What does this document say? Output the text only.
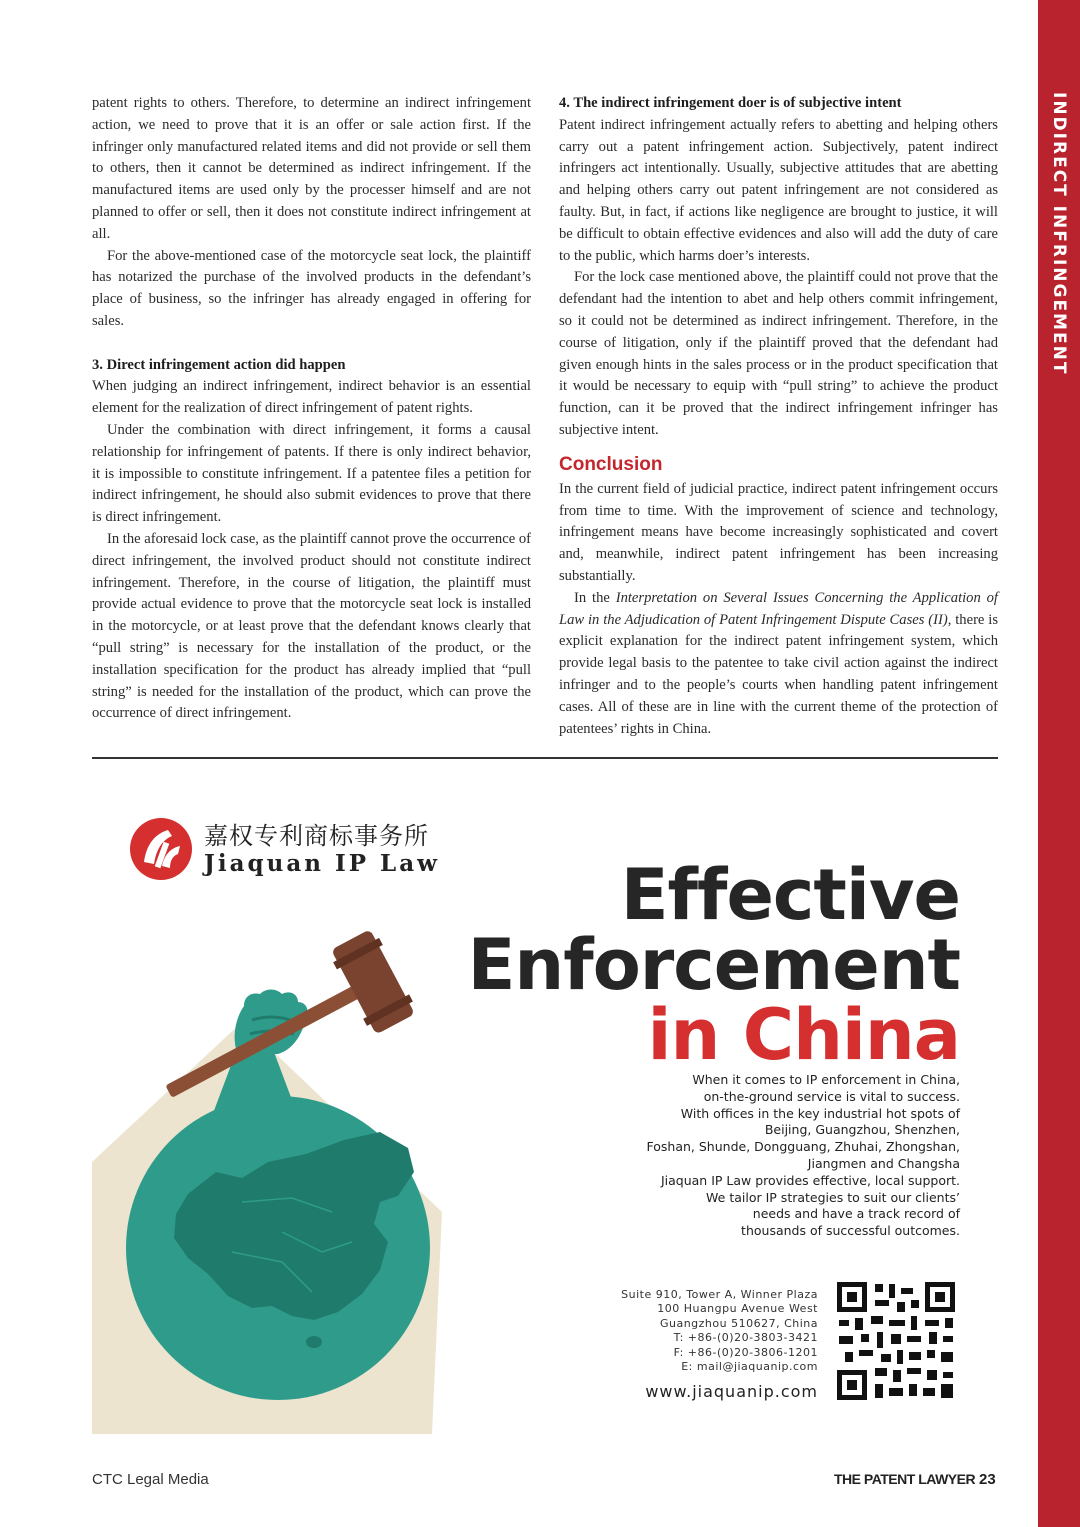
INDIRECT INFRINGEMENT

patent rights to others. Therefore, to determine an indirect infringement action, we need to prove that it is an offer or sale action first. If the infringer only manufactured related items and did not provide or sell them to others, then it cannot be determined as indirect infringement. If the manufactured items are used only by the processer himself and are not planned to offer or sell, then it does not constitute indirect infringement at all.

For the above-mentioned case of the motorcycle seat lock, the plaintiff has notarized the purchase of the involved products in the defendant’s place of business, so the infringer has already engaged in offering for sales.

3. Direct infringement action did happen

When judging an indirect infringement, indirect behavior is an essential element for the realization of direct infringement of patent rights.

Under the combination with direct infringement, it forms a causal relationship for infringement of patents. If there is only indirect behavior, it is impossible to constitute infringement. If a patentee files a petition for indirect infringement, he should also submit evidences to prove that there is direct infringement.

In the aforesaid lock case, as the plaintiff cannot prove the occurrence of direct infringement, the involved product should not constitute indirect infringement. Therefore, in the course of litigation, the plaintiff must provide actual evidence to prove that the motorcycle seat lock is installed in the motorcycle, or at least prove that the defendant knows clearly that “pull string” is necessary for the installation of the product, or the installation specification for the product has already implied that “pull string” is needed for the installation of the product, which can prove the occurrence of direct infringement.

4. The indirect infringement doer is of subjective intent

Patent indirect infringement actually refers to abetting and helping others carry out a patent infringement action. Subjectively, patent indirect infringers act intentionally. Usually, subjective attitudes that are abetting and helping others carry out patent infringement are not considered as faulty. But, in fact, if actions like negligence are brought to justice, it will be difficult to obtain effective evidences and also will add the duty of care to the public, which harms doer’s interests.

For the lock case mentioned above, the plaintiff could not prove that the defendant had the intention to abet and help others commit infringement, so it could not be determined as indirect infringement. Therefore, in the course of litigation, only if the plaintiff proved that the defendant had given enough hints in the sales process or in the product specification that it would be necessary to equip with “pull string” to achieve the product function, can it be proved that the indirect infringement infringer has subjective intent.

Conclusion

In the current field of judicial practice, indirect patent infringement occurs from time to time. With the improvement of science and technology, infringement means have become increasingly sophisticated and covert and, meanwhile, indirect patent infringement has been increasing substantially.

In the Interpretation on Several Issues Concerning the Application of Law in the Adjudication of Patent Infringement Dispute Cases (II), there is explicit explanation for the indirect patent infringement system, which provide legal basis to the patentee to take civil action against the indirect infringer and to the people’s courts when handling patent infringement cases. All of these are in line with the current theme of the protection of patentees’ rights in China.

嘉权专利商标事务所
Jiaquan IP Law	Effective
Enforcement
in China
When it comes to IP enforcement in China,
on-the-ground service is vital to success.
With offices in the key industrial hot spots of
Beijing, Guangzhou, Shenzhen,
Foshan, Shunde, Dongguang, Zhuhai, Zhongshan,
Jiangmen and Changsha
Jiaquan IP Law provides effective, local support.
We tailor IP strategies to suit our clients’
needs and have a track record of
thousands of successful outcomes.
Suite 910, Tower A, Winner Plaza
100 Huangpu Avenue West
Guangzhou 510627, China
T: +86-(0)20-3803-3421
F: +86-(0)20-3806-1201
E: mail@jiaquanip.com
www.jiaquanip.com
CTC Legal Media	THE PATENT LAWYER 23
